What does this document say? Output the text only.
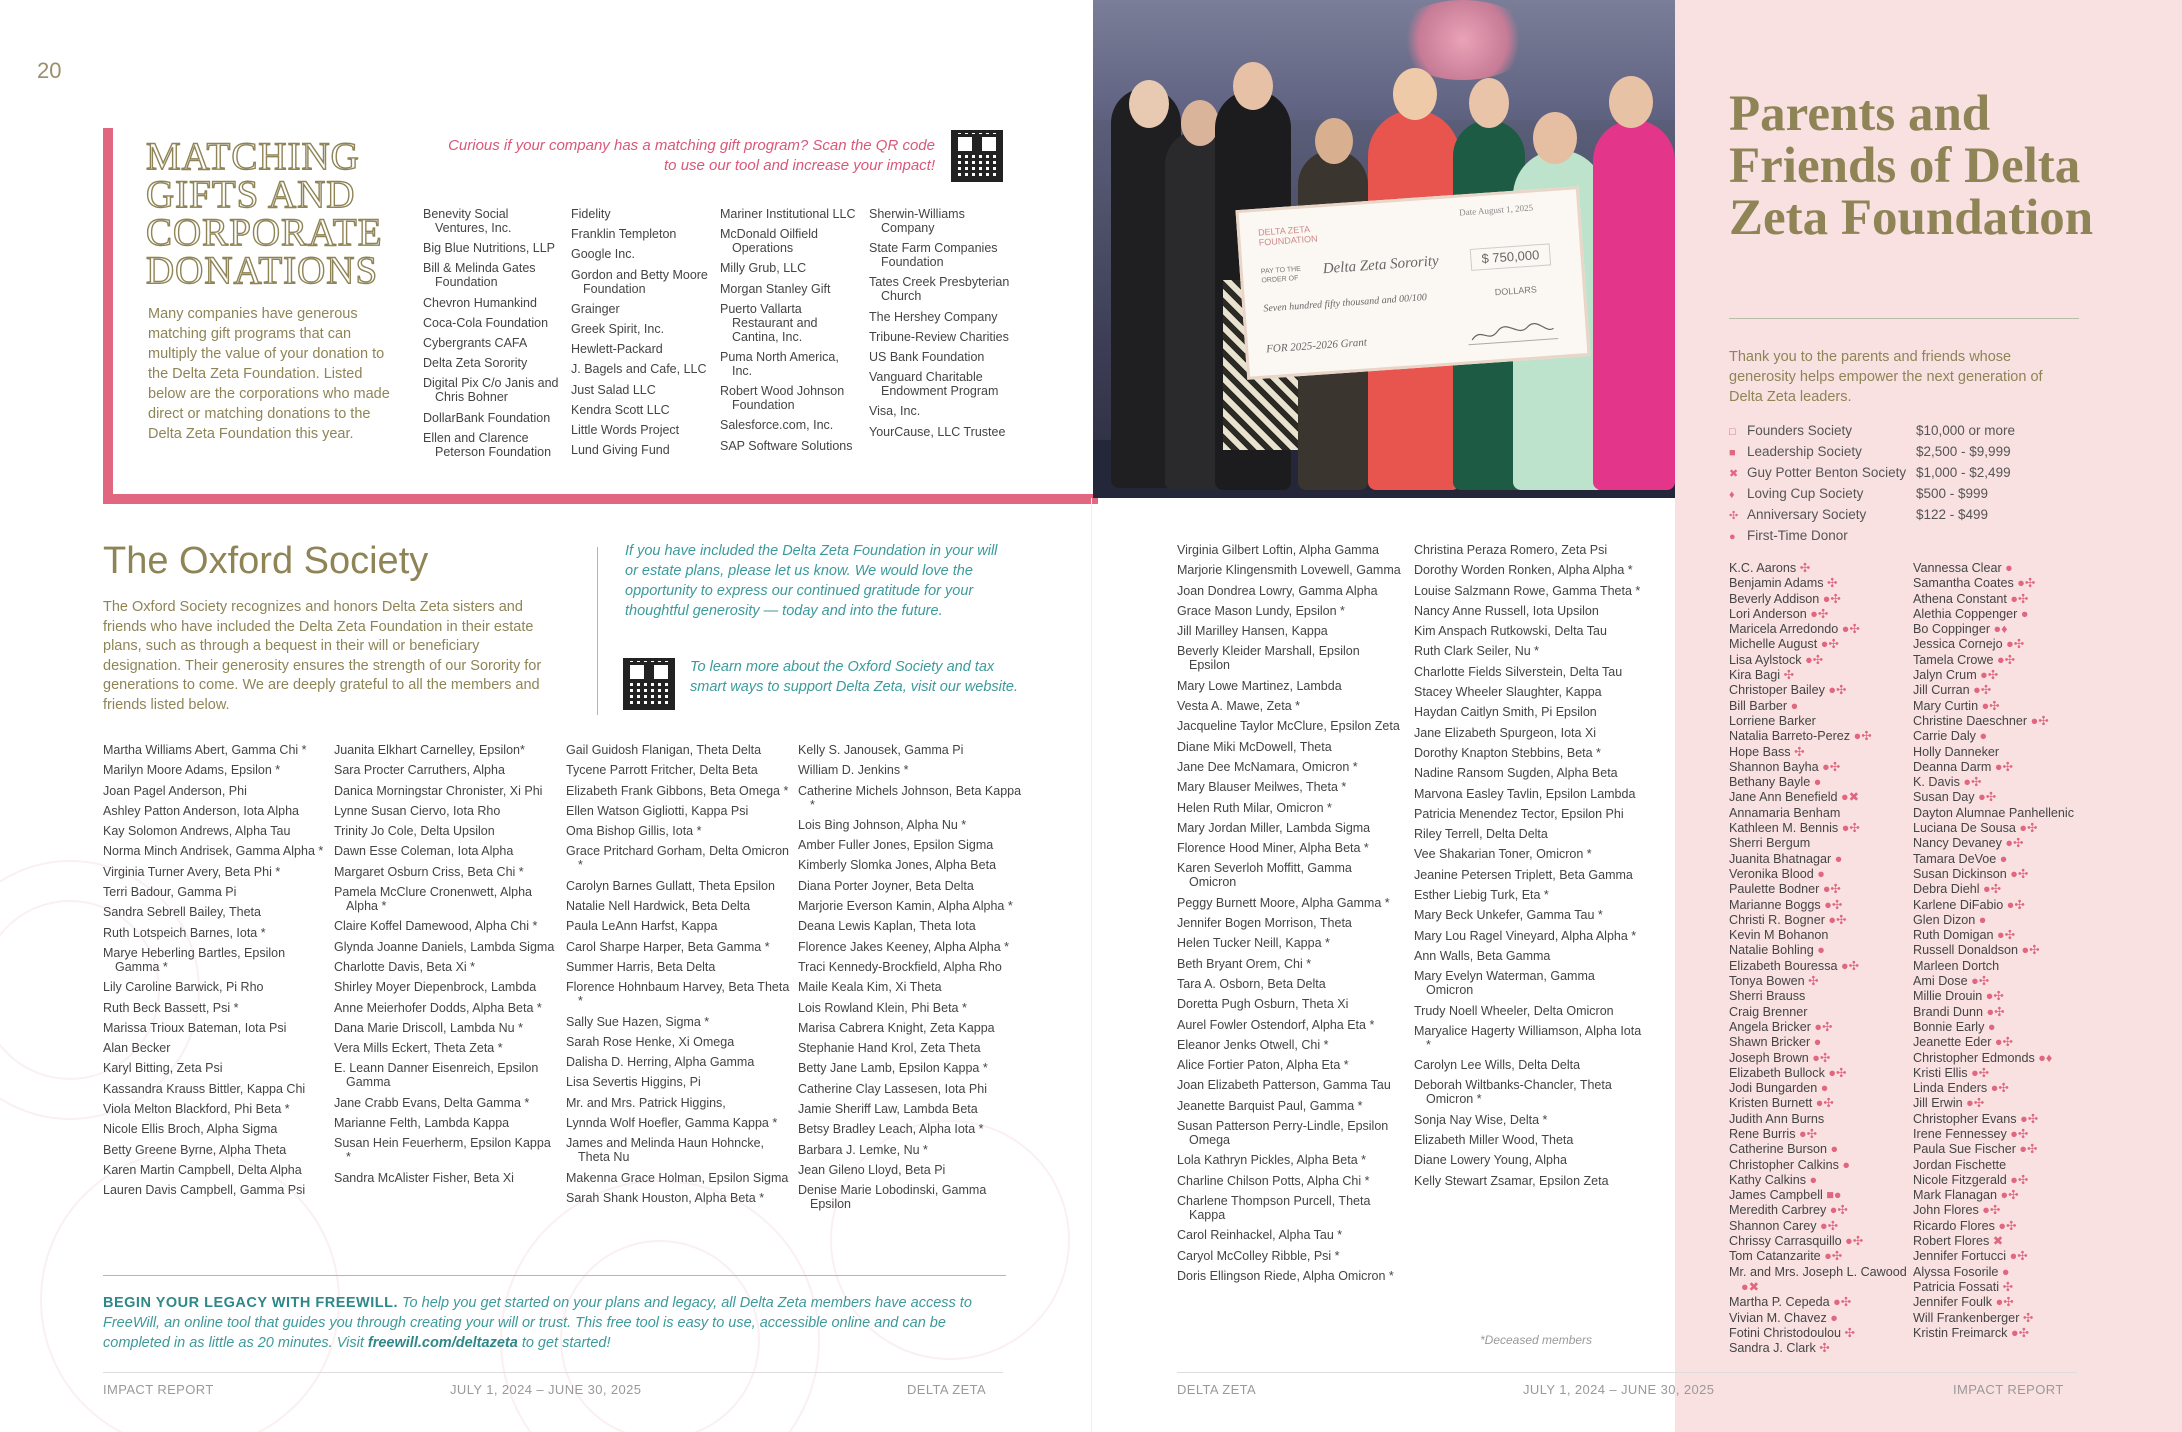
20
MATCHING GIFTS AND CORPORATE DONATIONS
Many companies have generous matching gift programs that can multiply the value of your donation to the Delta Zeta Foundation. Listed below are the corporations who made direct or matching donations to the Delta Zeta Foundation this year.
Curious if your company has a matching gift program? Scan the QR code to use our tool and increase your impact!
Benevity Social Ventures, Inc.
Big Blue Nutritions, LLP
Bill & Melinda Gates Foundation
Chevron Humankind
Coca-Cola Foundation
Cybergrants CAFA
Delta Zeta Sorority
Digital Pix C/o Janis and Chris Bohner
DollarBank Foundation
Ellen and Clarence Peterson Foundation
Fidelity
Franklin Templeton
Google Inc.
Gordon and Betty Moore Foundation
Grainger
Greek Spirit, Inc.
Hewlett-Packard
J. Bagels and Cafe, LLC
Just Salad LLC
Kendra Scott LLC
Little Words Project
Lund Giving Fund
Mariner Institutional LLC
McDonald Oilfield Operations
Milly Grub, LLC
Morgan Stanley Gift
Puerto Vallarta Restaurant and Cantina, Inc.
Puma North America, Inc.
Robert Wood Johnson Foundation
Salesforce.com, Inc.
SAP Software Solutions
Sherwin-Williams Company
State Farm Companies Foundation
Tates Creek Presbyterian Church
The Hershey Company
Tribune-Review Charities
US Bank Foundation
Vanguard Charitable Endowment Program
Visa, Inc.
YourCause, LLC Trustee
DELTA ZETA FOUNDATION
Date August 1, 2025
PAY TO THE ORDER OF
Delta Zeta Sorority	$ 750,000
Seven hundred fifty thousand and 00/100
DOLLARS
FOR 2025-2026 Grant
Parents and Friends of Delta Zeta Foundation
Thank you to the parents and friends whose generosity helps empower the next generation of Delta Zeta leaders.
□ Founders Society	$10,000 or more
■ Leadership Society	$2,500 - $9,999
✖ Guy Potter Benton Society $1,000 - $2,499
♦ Loving Cup Society	$500 - $999
✣ Anniversary Society	$122 - $499
● First-Time Donor
K.C. Aarons ✣
Benjamin Adams ✣
Beverly Addison ●✣
Lori Anderson ●✣
Maricela Arredondo ●✣
Michelle August ●✣
Lisa Aylstock ●✣
Kira Bagi ✣
Christoper Bailey ●✣
Bill Barber ●
Lorriene Barker
Natalia Barreto-Perez ●✣
Hope Bass ✣
Shannon Bayha ●✣
Bethany Bayle ●
Jane Ann Benefield ●✖
Annamaria Benham
Kathleen M. Bennis ●✣
Sherri Bergum
Juanita Bhatnagar ●
Veronika Blood ●
Paulette Bodner ●✣
Marianne Boggs ●✣
Christi R. Bogner ●✣
Kevin M Bohanon
Natalie Bohling ●
Elizabeth Bouressa ●✣
Tonya Bowen ✣
Sherri Brauss
Craig Brenner
Angela Bricker ●✣
Shawn Bricker ●
Joseph Brown ●✣
Elizabeth Bullock ●✣
Jodi Bungarden ●
Kristen Burnett ●✣
Judith Ann Burns
Rene Burris ●✣
Catherine Burson ●
Christopher Calkins ●
Kathy Calkins ●
James Campbell ■●
Meredith Carbrey ●✣
Shannon Carey ●✣
Chrissy Carrasquillo ●✣
Tom Catanzarite ●✣
Mr. and Mrs. Joseph L. Cawood ●✖
Martha P. Cepeda ●✣
Vivian M. Chavez ●
Fotini Christodoulou ✣
Sandra J. Clark ✣
Vannessa Clear ●
Samantha Coates ●✣
Athena Constant ●✣
Alethia Coppenger ●
Bo Coppinger ●♦
Jessica Cornejo ●✣
Tamela Crowe ●✣
Jalyn Crum ●✣
Jill Curran ●✣
Mary Curtin ●✣
Christine Daeschner ●✣
Carrie Daly ●
Holly Danneker
Deanna Darm ●✣
K. Davis ●✣
Susan Day ●✣
Dayton Alumnae Panhellenic
Luciana De Sousa ●✣
Nancy Devaney ●✣
Tamara DeVoe ●
Susan Dickinson ●✣
Debra Diehl ●✣
Karlene DiFabio ●✣
Glen Dizon ●
Ruth Domigan ●✣
Russell Donaldson ●✣
Marleen Dortch
Ami Dose ●✣
Millie Drouin ●✣
Brandi Dunn ●✣
Bonnie Early ●
Jeanette Eder ●✣
Christopher Edmonds ●♦
Kristi Ellis ●✣
Linda Enders ●✣
Jill Erwin ●✣
Christopher Evans ●✣
Irene Fennessey ●✣
Paula Sue Fischer ●✣
Jordan Fischette
Nicole Fitzgerald ●✣
Mark Flanagan ●✣
John Flores ●✣
Ricardo Flores ●✣
Robert Flores ✖
Jennifer Fortucci ●✣
Alyssa Fosorile ●
Patricia Fossati ✣
Jennifer Foulk ●✣
Will Frankenberger ✣
Kristin Freimarck ●✣
The Oxford Society
The Oxford Society recognizes and honors Delta Zeta sisters and friends who have included the Delta Zeta Foundation in their estate plans, such as through a bequest in their will or beneficiary designation. Their generosity ensures the strength of our Sorority for generations to come. We are deeply grateful to all the members and friends listed below.
If you have included the Delta Zeta Foundation in your will or estate plans, please let us know. We would love the opportunity to express our continued gratitude for your thoughtful generosity — today and into the future.
To learn more about the Oxford Society and tax smart ways to support Delta Zeta, visit our website.
Martha Williams Abert, Gamma Chi *
Marilyn Moore Adams, Epsilon *
Joan Pagel Anderson, Phi
Ashley Patton Anderson, Iota Alpha
Kay Solomon Andrews, Alpha Tau
Norma Minch Andrisek, Gamma Alpha *
Virginia Turner Avery, Beta Phi *
Terri Badour, Gamma Pi
Sandra Sebrell Bailey, Theta
Ruth Lotspeich Barnes, Iota *
Marye Heberling Bartles, Epsilon Gamma *
Lily Caroline Barwick, Pi Rho
Ruth Beck Bassett, Psi *
Marissa Trioux Bateman, Iota Psi
Alan Becker
Karyl Bitting, Zeta Psi
Kassandra Krauss Bittler, Kappa Chi
Viola Melton Blackford, Phi Beta *
Nicole Ellis Broch, Alpha Sigma
Betty Greene Byrne, Alpha Theta
Karen Martin Campbell, Delta Alpha
Lauren Davis Campbell, Gamma Psi
Juanita Elkhart Carnelley, Epsilon*
Sara Procter Carruthers, Alpha
Danica Morningstar Chronister, Xi Phi
Lynne Susan Ciervo, Iota Rho
Trinity Jo Cole, Delta Upsilon
Dawn Esse Coleman, Iota Alpha
Margaret Osburn Criss, Beta Chi *
Pamela McClure Cronenwett, Alpha Alpha *
Claire Koffel Damewood, Alpha Chi *
Glynda Joanne Daniels, Lambda Sigma
Charlotte Davis, Beta Xi *
Shirley Moyer Diepenbrock, Lambda
Anne Meierhofer Dodds, Alpha Beta *
Dana Marie Driscoll, Lambda Nu *
Vera Mills Eckert, Theta Zeta *
E. Leann Danner Eisenreich, Epsilon Gamma
Jane Crabb Evans, Delta Gamma *
Marianne Felth, Lambda Kappa
Susan Hein Feuerherm, Epsilon Kappa *
Sandra McAlister Fisher, Beta Xi
Gail Guidosh Flanigan, Theta Delta
Tycene Parrott Fritcher, Delta Beta
Elizabeth Frank Gibbons, Beta Omega *
Ellen Watson Gigliotti, Kappa Psi
Oma Bishop Gillis, Iota *
Grace Pritchard Gorham, Delta Omicron *
Carolyn Barnes Gullatt, Theta Epsilon
Natalie Nell Hardwick, Beta Delta
Paula LeAnn Harfst, Kappa
Carol Sharpe Harper, Beta Gamma *
Summer Harris, Beta Delta
Florence Hohnbaum Harvey, Beta Theta *
Sally Sue Hazen, Sigma *
Sarah Rose Henke, Xi Omega
Dalisha D. Herring, Alpha Gamma
Lisa Severtis Higgins, Pi
Mr. and Mrs. Patrick Higgins,
Lynnda Wolf Hoefler, Gamma Kappa *
James and Melinda Haun Hohncke, Theta Nu
Makenna Grace Holman, Epsilon Sigma
Sarah Shank Houston, Alpha Beta *
Kelly S. Janousek, Gamma Pi
William D. Jenkins *
Catherine Michels Johnson, Beta Kappa *
Lois Bing Johnson, Alpha Nu *
Amber Fuller Jones, Epsilon Sigma
Kimberly Slomka Jones, Alpha Beta
Diana Porter Joyner, Beta Delta
Marjorie Everson Kamin, Alpha Alpha *
Deana Lewis Kaplan, Theta Iota
Florence Jakes Keeney, Alpha Alpha *
Traci Kennedy-Brockfield, Alpha Rho
Maile Keala Kim, Xi Theta
Lois Rowland Klein, Phi Beta *
Marisa Cabrera Knight, Zeta Kappa
Stephanie Hand Krol, Zeta Theta
Betty Jane Lamb, Epsilon Kappa *
Catherine Clay Lassesen, Iota Phi
Jamie Sheriff Law, Lambda Beta
Betsy Bradley Leach, Alpha Iota *
Barbara J. Lemke, Nu *
Jean Gileno Lloyd, Beta Pi
Denise Marie Lobodinski, Gamma Epsilon
Virginia Gilbert Loftin, Alpha Gamma
Marjorie Klingensmith Lovewell, Gamma
Joan Dondrea Lowry, Gamma Alpha
Grace Mason Lundy, Epsilon *
Jill Marilley Hansen, Kappa
Beverly Kleider Marshall, Epsilon Epsilon
Mary Lowe Martinez, Lambda
Vesta A. Mawe, Zeta *
Jacqueline Taylor McClure, Epsilon Zeta
Diane Miki McDowell, Theta
Jane Dee McNamara, Omicron *
Mary Blauser Meilwes, Theta *
Helen Ruth Milar, Omicron *
Mary Jordan Miller, Lambda Sigma
Florence Hood Miner, Alpha Beta *
Karen Severloh Moffitt, Gamma Omicron
Peggy Burnett Moore, Alpha Gamma *
Jennifer Bogen Morrison, Theta
Helen Tucker Neill, Kappa *
Beth Bryant Orem, Chi *
Tara A. Osborn, Beta Delta
Doretta Pugh Osburn, Theta Xi
Aurel Fowler Ostendorf, Alpha Eta *
Eleanor Jenks Otwell, Chi *
Alice Fortier Paton, Alpha Eta *
Joan Elizabeth Patterson, Gamma Tau
Jeanette Barquist Paul, Gamma *
Susan Patterson Perry-Lindle, Epsilon Omega
Lola Kathryn Pickles, Alpha Beta *
Charline Chilson Potts, Alpha Chi *
Charlene Thompson Purcell, Theta Kappa
Carol Reinhackel, Alpha Tau *
Caryol McColley Ribble, Psi *
Doris Ellingson Riede, Alpha Omicron *
Christina Peraza Romero, Zeta Psi
Dorothy Worden Ronken, Alpha Alpha *
Louise Salzmann Rowe, Gamma Theta *
Nancy Anne Russell, Iota Upsilon
Kim Anspach Rutkowski, Delta Tau
Ruth Clark Seiler, Nu *
Charlotte Fields Silverstein, Delta Tau
Stacey Wheeler Slaughter, Kappa
Haydan Caitlyn Smith, Pi Epsilon
Jane Elizabeth Spurgeon, Iota Xi
Dorothy Knapton Stebbins, Beta *
Nadine Ransom Sugden, Alpha Beta
Marvona Easley Tavlin, Epsilon Lambda
Patricia Menendez Tector, Epsilon Phi
Riley Terrell, Delta Delta
Vee Shakarian Toner, Omicron *
Jeanine Petersen Triplett, Beta Gamma
Esther Liebig Turk, Eta *
Mary Beck Unkefer, Gamma Tau *
Mary Lou Ragel Vineyard, Alpha Alpha *
Ann Walls, Beta Gamma
Mary Evelyn Waterman, Gamma Omicron
Trudy Noell Wheeler, Delta Omicron
Maryalice Hagerty Williamson, Alpha Iota *
Carolyn Lee Wills, Delta Delta
Deborah Wiltbanks-Chancler, Theta Omicron *
Sonja Nay Wise, Delta *
Elizabeth Miller Wood, Theta
Diane Lowery Young, Alpha
Kelly Stewart Zsamar, Epsilon Zeta
*Deceased members
BEGIN YOUR LEGACY WITH FREEWILL. To help you get started on your plans and legacy, all Delta Zeta members have access to FreeWill, an online tool that guides you through creating your will or trust. This free tool is easy to use, accessible online and can be completed in as little as 20 minutes. Visit freewill.com/deltazeta to get started!
IMPACT REPORT	JULY 1, 2024 – JUNE 30, 2025	DELTA ZETA	DELTA ZETA	JULY 1, 2024 – JUNE 30, 2025	IMPACT REPORT
